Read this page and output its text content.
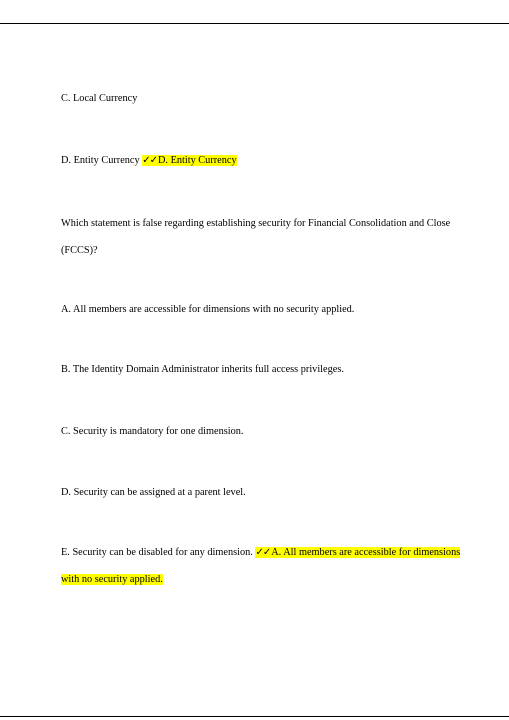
C. Local Currency
D. Entity Currency ✓✓D. Entity Currency
Which statement is false regarding establishing security for Financial Consolidation and Close
(FCCS)?
A. All members are accessible for dimensions with no security applied.
B. The Identity Domain Administrator inherits full access privileges.
C. Security is mandatory for one dimension.
D. Security can be assigned at a parent level.
E. Security can be disabled for any dimension. ✓✓A. All members are accessible for dimensions
with no security applied.
